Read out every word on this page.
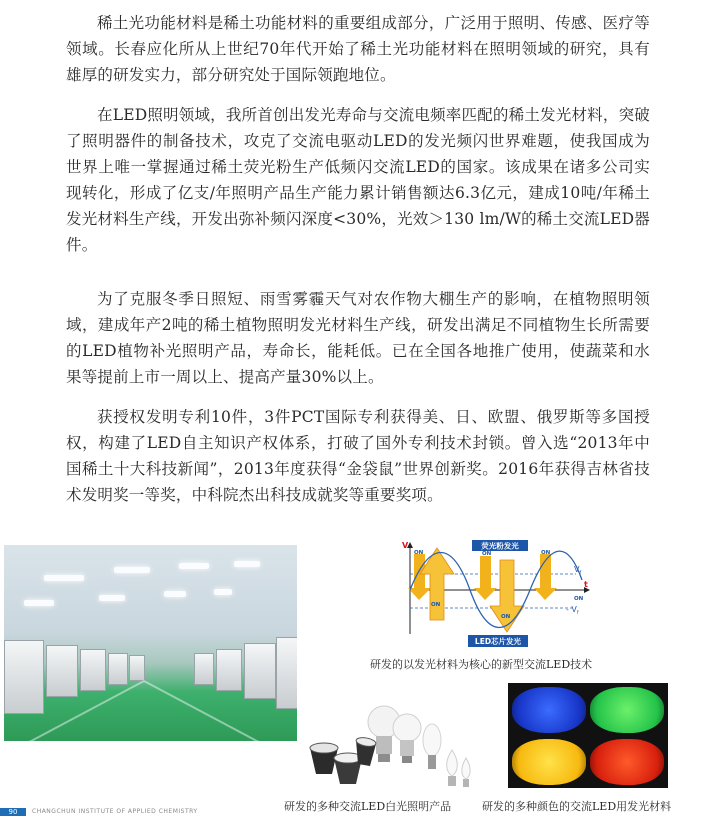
稀土光功能材料是稀土功能材料的重要组成部分，广泛用于照明、传感、医疗等领域。长春应化所从上世纪70年代开始了稀土光功能材料在照明领域的研究，具有雄厚的研发实力，部分研究处于国际领跑地位。

在LED照明领域，我所首创出发光寿命与交流电频率匹配的稀土发光材料，突破了照明器件的制备技术，攻克了交流电驱动LED的发光频闪世界难题，使我国成为世界上唯一掌握通过稀土荧光粉生产低频闪交流LED的国家。该成果在诸多公司实现转化，形成了亿支/年照明产品生产能力累计销售额达6.3亿元，建成10吨/年稀土发光材料生产线，开发出弥补频闪深度<30%，光效＞130 lm/W的稀土交流LED器件。

为了克服冬季日照短、雨雪雾霾天气对农作物大棚生产的影响，在植物照明领域，建成年产2吨的稀土植物照明发光材料生产线，研发出满足不同植物生长所需要的LED植物补光照明产品，寿命长，能耗低。已在全国各地推广使用，使蔬菜和水果等提前上市一周以上、提高产量30%以上。

获授权发明专利10件，3件PCT国际专利获得美、日、欧盟、俄罗斯等多国授权，构建了LED自主知识产权体系，打破了国外专利技术封锁。曾入选“2013年中国稀土十大科技新闻”，2013年度获得“金袋鼠”世界创新奖。2016年获得吉林省技术发明奖一等奖，中科院杰出科技成就奖等重要奖项。

ON	ON	ON
ON
ON
ON
V
t
$V_f$
- $V_f$
荧光粉发光
LED芯片发光
研发的以发光材料为核心的新型交流LED技术
研发的多种交流LED白光照明产品	研发的多种颜色的交流LED用发光材料
90	CHANGCHUN INSTITUTE OF APPLIED CHEMISTRY
